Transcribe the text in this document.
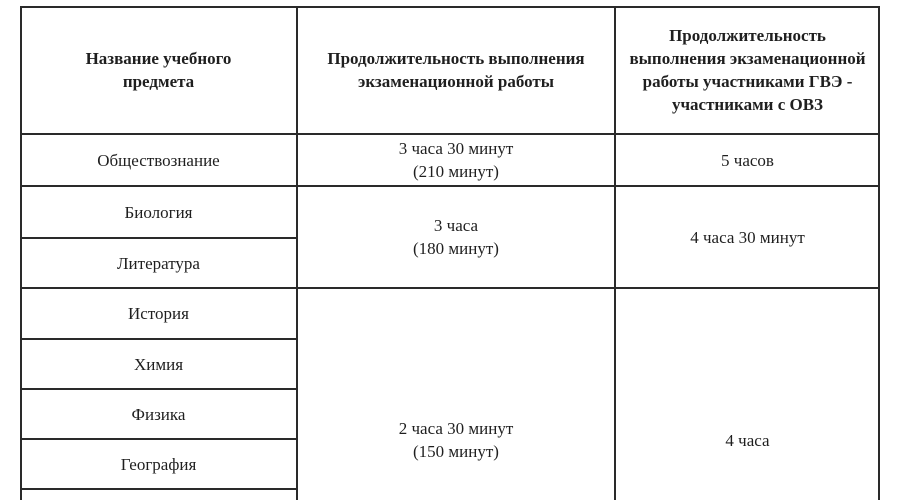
Название учебного предмета
Продолжительность выполнения экзаменационной работы
Продолжительность выполнения экзаменационной работы участниками ГВЭ - участниками с ОВЗ
Обществознание
3 часа 30 минут
(210 минут)
5 часов
Биология
Литература
3 часа
(180 минут)
4 часа 30 минут
История
Химия
Физика
География
2 часа 30 минут
(150 минут)
4 часа
